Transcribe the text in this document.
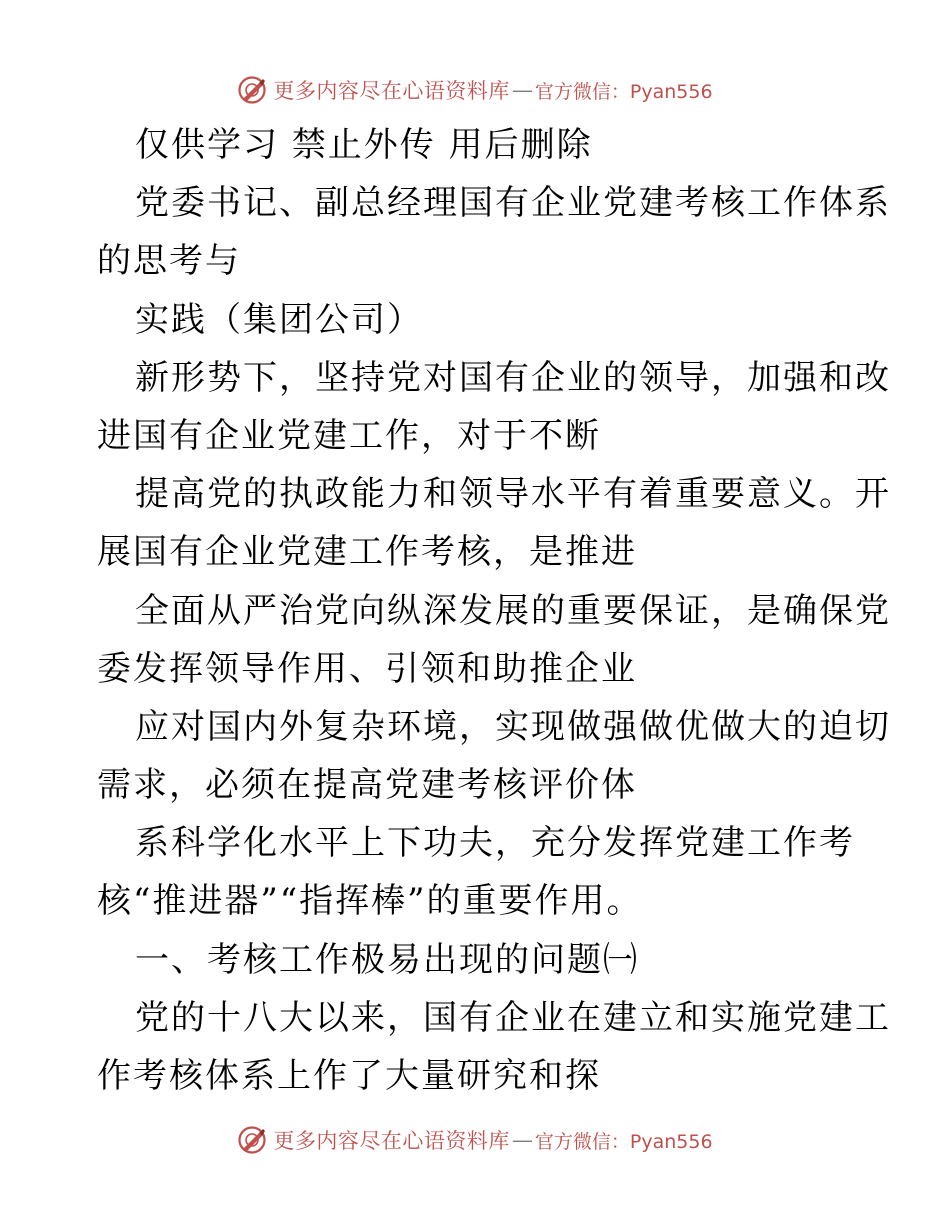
更多内容尽在心语资料库 — 官方微信：Pyan556
仅供学习 禁止外传 用后删除
党委书记、副总经理国有企业党建考核工作体系
的思考与
实践（集团公司）
新形势下，坚持党对国有企业的领导，加强和改
进国有企业党建工作，对于不断
提高党的执政能力和领导水平有着重要意义。开
展国有企业党建工作考核，是推进
全面从严治党向纵深发展的重要保证，是确保党
委发挥领导作用、引领和助推企业
应对国内外复杂环境，实现做强做优做大的迫切
需求，必须在提高党建考核评价体
系科学化水平上下功夫，充分发挥党建工作考
核“推进器”“指挥棒”的重要作用。
一、考核工作极易出现的问题㈠
党的十八大以来，国有企业在建立和实施党建工
作考核体系上作了大量研究和探
更多内容尽在心语资料库 — 官方微信：Pyan556
